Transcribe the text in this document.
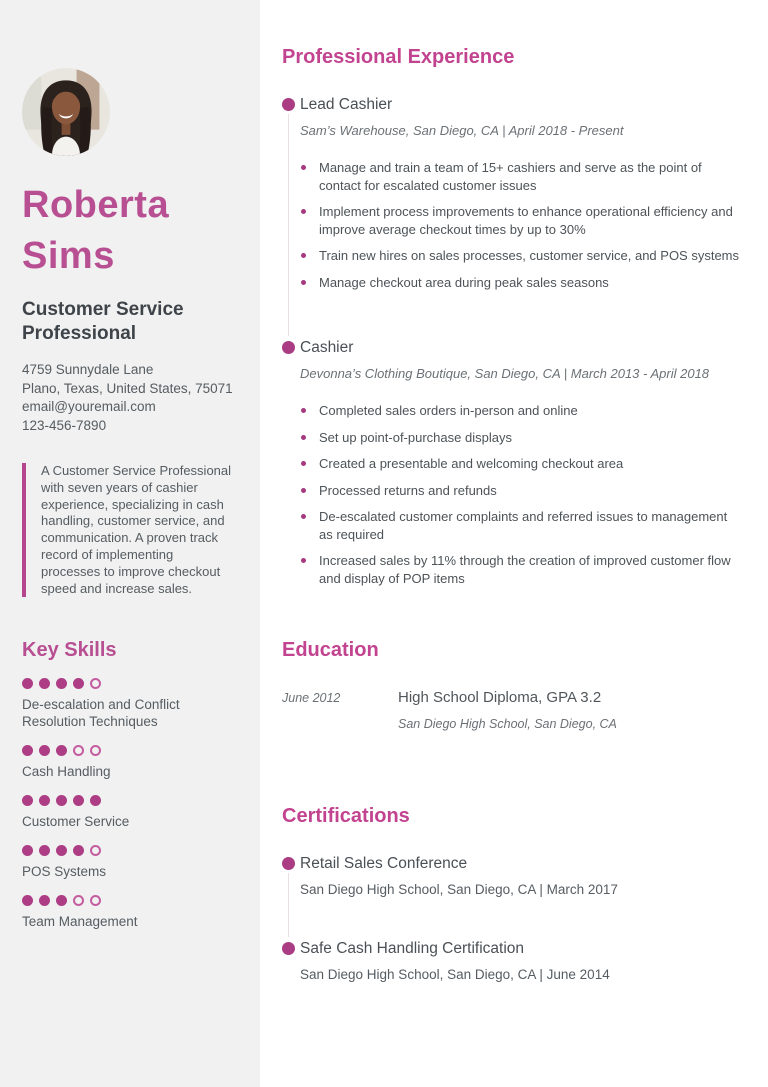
Roberta
Sims
Customer Service Professional
4759 Sunnydale Lane
Plano, Texas, United States, 75071
email@youremail.com
123-456-7890
A Customer Service Professional with seven years of cashier experience, specializing in cash handling, customer service, and communication. A proven track record of implementing processes to improve checkout speed and increase sales.
Key Skills
De-escalation and Conflict Resolution Techniques
Cash Handling
Customer Service
POS Systems
Team Management
Professional Experience
Lead Cashier
Sam’s Warehouse, San Diego, CA | April 2018 - Present
Manage and train a team of 15+ cashiers and serve as the point of contact for escalated customer issues
Implement process improvements to enhance operational efficiency and improve average checkout times by up to 30%
Train new hires on sales processes, customer service, and POS systems
Manage checkout area during peak sales seasons
Cashier
Devonna’s Clothing Boutique, San Diego, CA | March 2013 - April 2018
Completed sales orders in-person and online
Set up point-of-purchase displays
Created a presentable and welcoming checkout area
Processed returns and refunds
De-escalated customer complaints and referred issues to management as required
Increased sales by 11% through the creation of improved customer flow and display of POP items
Education
June 2012	High School Diploma, GPA 3.2
San Diego High School, San Diego, CA
Certifications
Retail Sales Conference
San Diego High School, San Diego, CA | March 2017
Safe Cash Handling Certification
San Diego High School, San Diego, CA | June 2014
